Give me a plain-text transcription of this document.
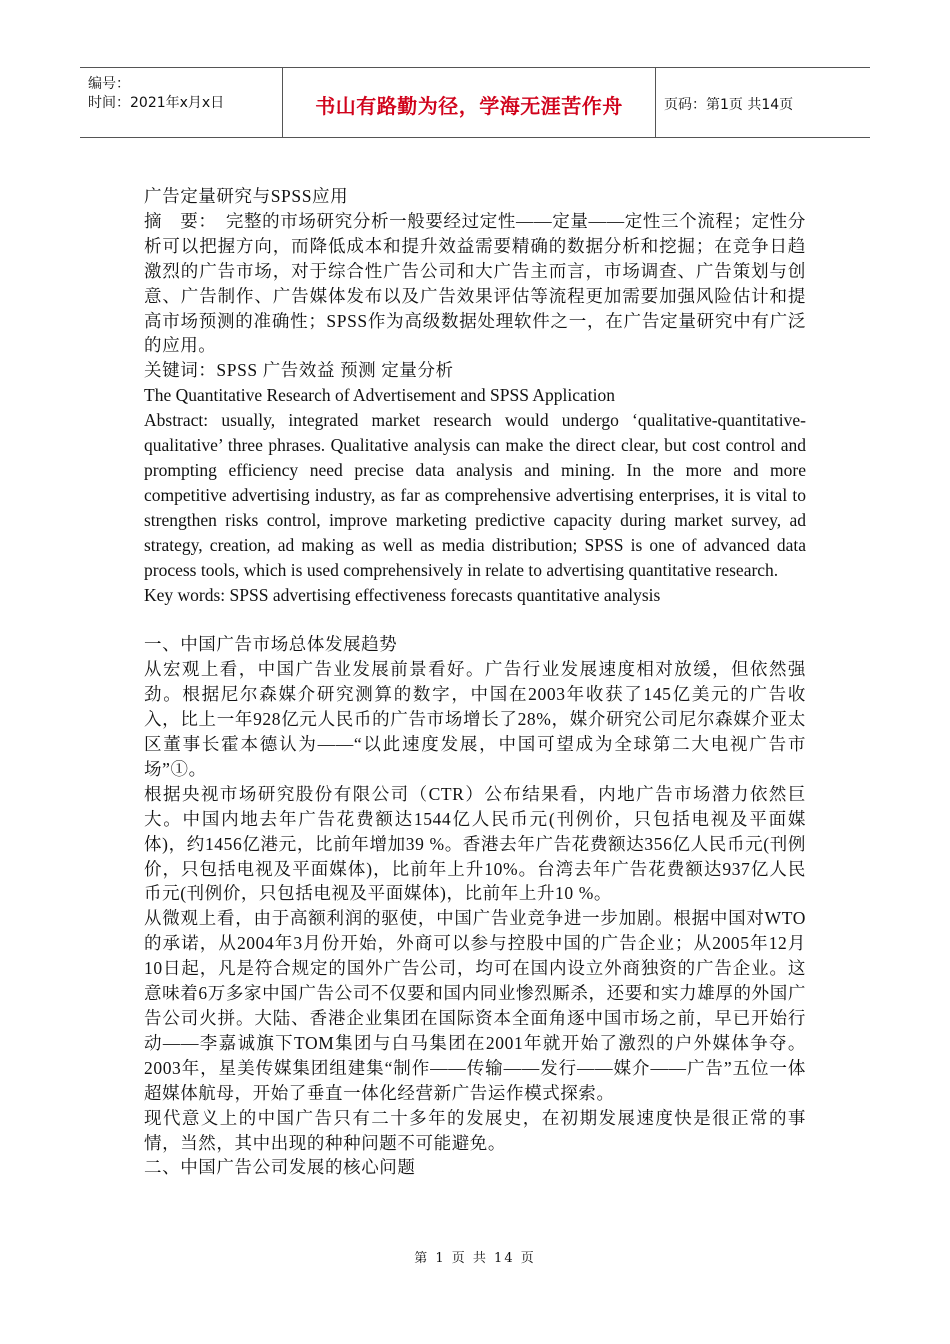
编号：
时间：2021年x月x日	书山有路勤为径，学海无涯苦作舟	页码：第1页 共14页

广告定量研究与SPSS应用

摘　要：　完整的市场研究分析一般要经过定性——定量——定性三个流程；定性分析可以把握方向，而降低成本和提升效益需要精确的数据分析和挖掘；在竞争日趋激烈的广告市场，对于综合性广告公司和大广告主而言，市场调查、广告策划与创意、广告制作、广告媒体发布以及广告效果评估等流程更加需要加强风险估计和提高市场预测的准确性；SPSS作为高级数据处理软件之一，在广告定量研究中有广泛的应用。

关键词：SPSS 广告效益 预测 定量分析

The Quantitative Research of Advertisement and SPSS Application

Abstract: usually, integrated market research would undergo ‘qualitative-quantitative-qualitative’ three phrases. Qualitative analysis can make the direct clear, but cost control and prompting efficiency need precise data analysis and mining. In the more and more competitive advertising industry, as far as comprehensive advertising enterprises, it is vital to strengthen risks control, improve marketing predictive capacity during market survey, ad strategy, creation, ad making as well as media distribution; SPSS is one of advanced data process tools, which is used comprehensively in relate to advertising quantitative research.

Key words: SPSS advertising effectiveness forecasts quantitative analysis

一、中国广告市场总体发展趋势

从宏观上看，中国广告业发展前景看好。广告行业发展速度相对放缓，但依然强劲。根据尼尔森媒介研究测算的数字，中国在2003年收获了145亿美元的广告收入，比上一年928亿元人民币的广告市场增长了28%，媒介研究公司尼尔森媒介亚太区董事长霍本德认为——“以此速度发展，中国可望成为全球第二大电视广告市场”①。

根据央视市场研究股份有限公司（CTR）公布结果看，内地广告市场潜力依然巨大。中国内地去年广告花费额达1544亿人民币元(刊例价，只包括电视及平面媒体)，约1456亿港元，比前年增加39 %。香港去年广告花费额达356亿人民币元(刊例价，只包括电视及平面媒体)，比前年上升10%。台湾去年广告花费额达937亿人民币元(刊例价，只包括电视及平面媒体)，比前年上升10 %。

从微观上看，由于高额利润的驱使，中国广告业竞争进一步加剧。根据中国对WTO的承诺，从2004年3月份开始，外商可以参与控股中国的广告企业；从2005年12月10日起，凡是符合规定的国外广告公司，均可在国内设立外商独资的广告企业。这意味着6万多家中国广告公司不仅要和国内同业惨烈厮杀，还要和实力雄厚的外国广告公司火拼。大陆、香港企业集团在国际资本全面角逐中国市场之前，早已开始行动——李嘉诚旗下TOM集团与白马集团在2001年就开始了激烈的户外媒体争夺。2003年，星美传媒集团组建集“制作——传输——发行——媒介——广告”五位一体超媒体航母，开始了垂直一体化经营新广告运作模式探索。

现代意义上的中国广告只有二十多年的发展史，在初期发展速度快是很正常的事情，当然，其中出现的种种问题不可能避免。

二、中国广告公司发展的核心问题

第 1 页 共 14 页
